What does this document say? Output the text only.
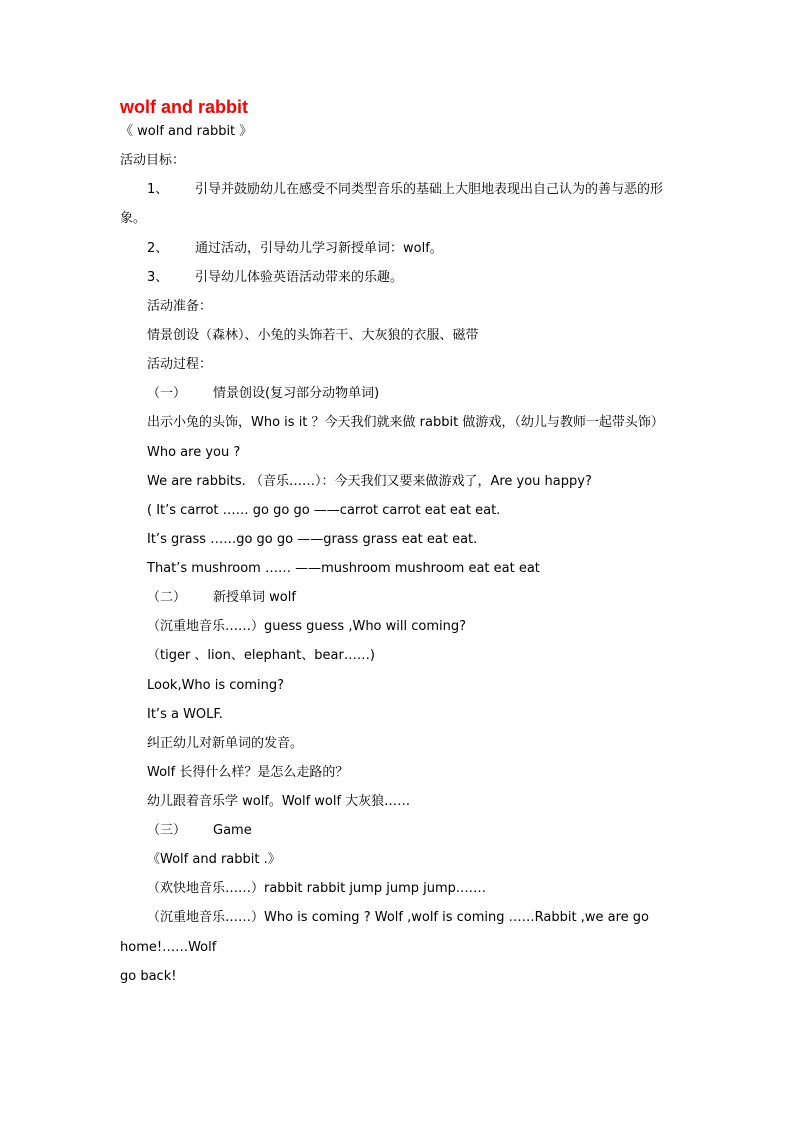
wolf and rabbit
《 wolf and rabbit 》
活动目标：
1、 引导并鼓励幼儿在感受不同类型音乐的基础上大胆地表现出自己认为的善与恶的形
象。
2、 通过活动，引导幼儿学习新授单词：wolf。
3、 引导幼儿体验英语活动带来的乐趣。
活动准备：
情景创设（森林）、小兔的头饰若干、大灰狼的衣服、磁带
活动过程：
（一） 情景创设(复习部分动物单词)
出示小兔的头饰，Who is it ？今天我们就来做 rabbit 做游戏，（幼儿与教师一起带头饰）
Who are you ?
We are rabbits. （音乐……）：今天我们又要来做游戏了，Are you happy?
( It’s carrot …… go go go ——carrot carrot eat eat eat.
It’s grass ……go go go ——grass grass eat eat eat.
That’s mushroom …… ——mushroom mushroom eat eat eat
（二） 新授单词 wolf
（沉重地音乐……）guess guess ,Who will coming?
（tiger 、lion、elephant、bear……)
Look,Who is coming?
It’s a WOLF.
纠正幼儿对新单词的发音。
Wolf 长得什么样？是怎么走路的？
幼儿跟着音乐学 wolf。Wolf wolf 大灰狼……
（三） Game
《Wolf and rabbit .》
（欢快地音乐……）rabbit rabbit jump jump jump.……
（沉重地音乐……）Who is coming ? Wolf ,wolf is coming ……Rabbit ,we are go
home!……Wolf
go back!
